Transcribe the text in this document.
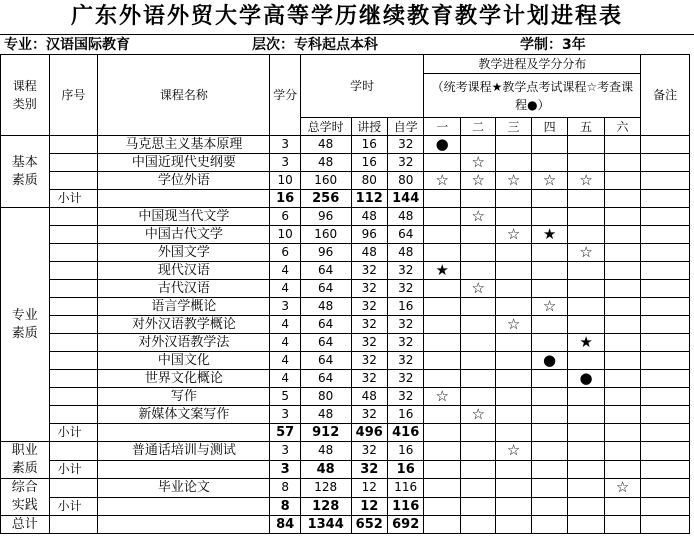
广东外语外贸大学高等学历继续教育教学计划进程表
专业：汉语国际教育	层次：专科起点本科	学制：3年
课程类别	序号	课程名称	学分	学时			教学进程及学分分布						备注
							（统考课程★教学点考试课程☆考查课程●）						
				总学时	讲授	自学	一	二	三	四	五	六	

基本素质		马克思主义基本原理	3	48	16	32	●						
		中国近现代史纲要	3	48	16	32		☆					
		学位外语	10	160	80	80	☆	☆	☆	☆	☆		
	小计		16	256	112	144							

专业素质		中国现当代文学	6	96	48	48		☆					
		中国古代文学	10	160	96	64			☆	★			
		外国文学	6	96	48	48					☆		
		现代汉语	4	64	32	32	★						
		古代汉语	4	64	32	32		☆					
		语言学概论	3	48	32	16				☆			
		对外汉语教学概论	4	64	32	32			☆				
		对外汉语教学法	4	64	32	32					★		
		中国文化	4	64	32	32				●			
		世界文化概论	4	64	32	32					●		
		写作	5	80	48	32	☆						
		新媒体文案写作	3	48	32	16		☆					
	小计		57	912	496	416							

职业素质		普通话培训与测试	3	48	32	16			☆				
	小计		3	48	32	16							

综合实践		毕业论文	8	128	12	116						☆	
	小计		8	128	12	116							
总计			84	1344	652	692							
